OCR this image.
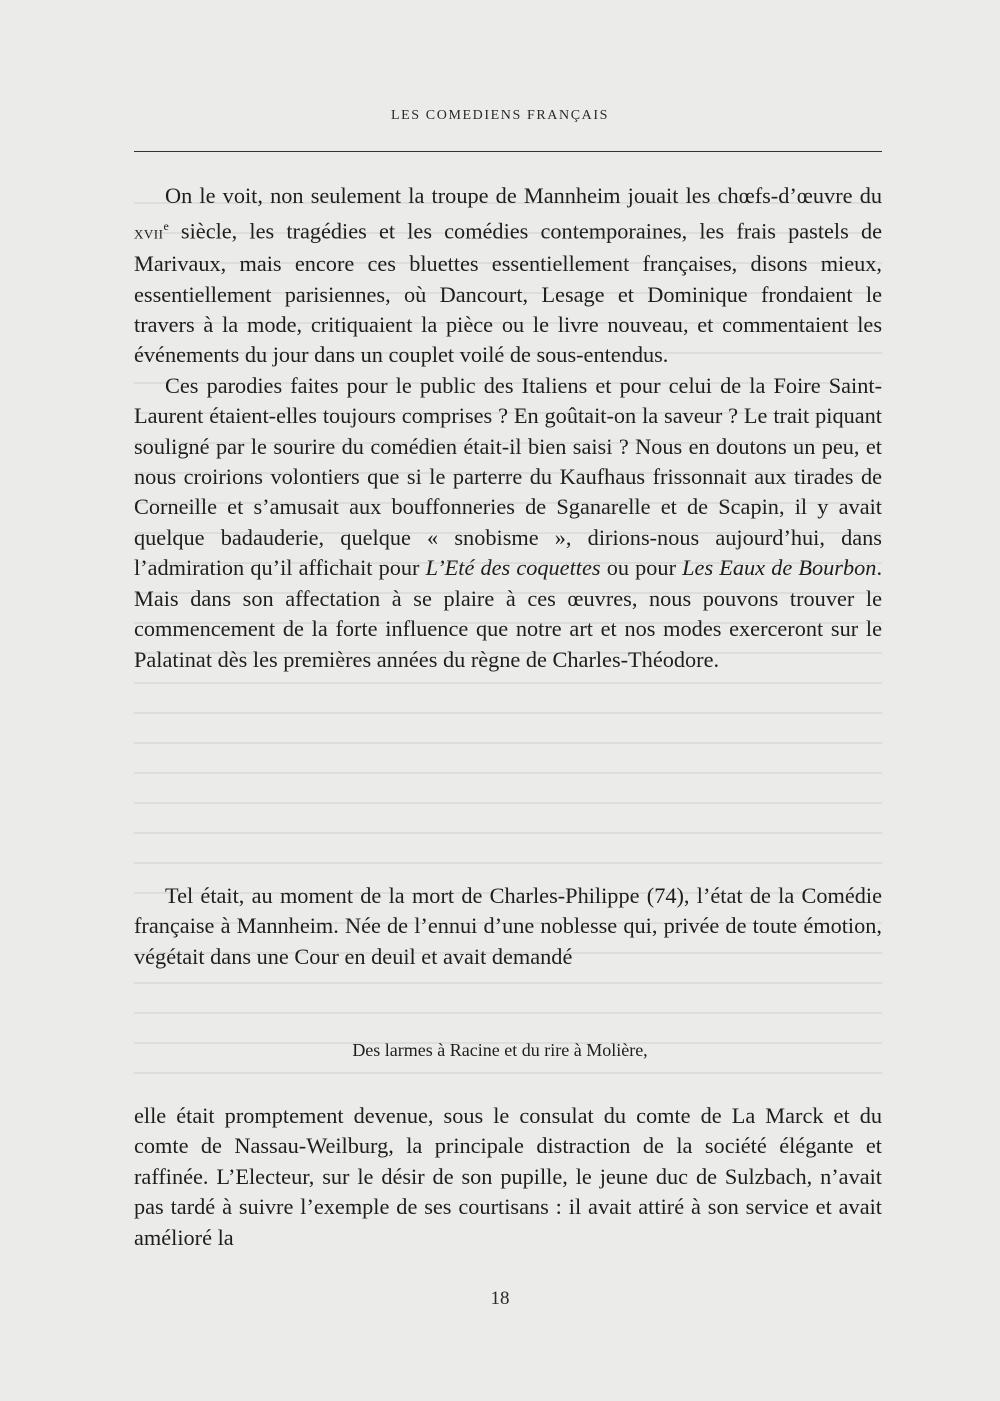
LES COMEDIENS FRANÇAIS

On le voit, non seulement la troupe de Mannheim jouait les chœfs-d’œuvre du xvii$^e$ siècle, les tragédies et les comédies contemporaines, les frais pastels de Marivaux, mais encore ces bluettes essentiellement françaises, disons mieux, essentiellement parisiennes, où Dancourt, Lesage et Dominique frondaient le travers à la mode, critiquaient la pièce ou le livre nouveau, et commentaient les événements du jour dans un couplet voilé de sous-entendus.

Ces parodies faites pour le public des Italiens et pour celui de la Foire Saint-Laurent étaient-elles toujours comprises ? En goûtait-on la saveur ? Le trait piquant souligné par le sourire du comédien était-il bien saisi ? Nous en doutons un peu, et nous croirions volontiers que si le parterre du Kaufhaus frissonnait aux tirades de Corneille et s’amusait aux bouffonneries de Sganarelle et de Scapin, il y avait quelque badauderie, quelque « snobisme », dirions-nous aujourd’hui, dans l’admiration qu’il affichait pour L’Eté des coquettes ou pour Les Eaux de Bourbon. Mais dans son affectation à se plaire à ces œuvres, nous pouvons trouver le commencement de la forte influence que notre art et nos modes exerceront sur le Palatinat dès les premières années du règne de Charles-Théodore.

Tel était, au moment de la mort de Charles-Philippe (74), l’état de la Comédie française à Mannheim. Née de l’ennui d’une noblesse qui, privée de toute émotion, végétait dans une Cour en deuil et avait demandé

Des larmes à Racine et du rire à Molière,

elle était promptement devenue, sous le consulat du comte de La Marck et du comte de Nassau-Weilburg, la principale distraction de la société élégante et raffinée. L’Electeur, sur le désir de son pupille, le jeune duc de Sulzbach, n’avait pas tardé à suivre l’exemple de ses courtisans : il avait attiré à son service et avait amélioré la

18
